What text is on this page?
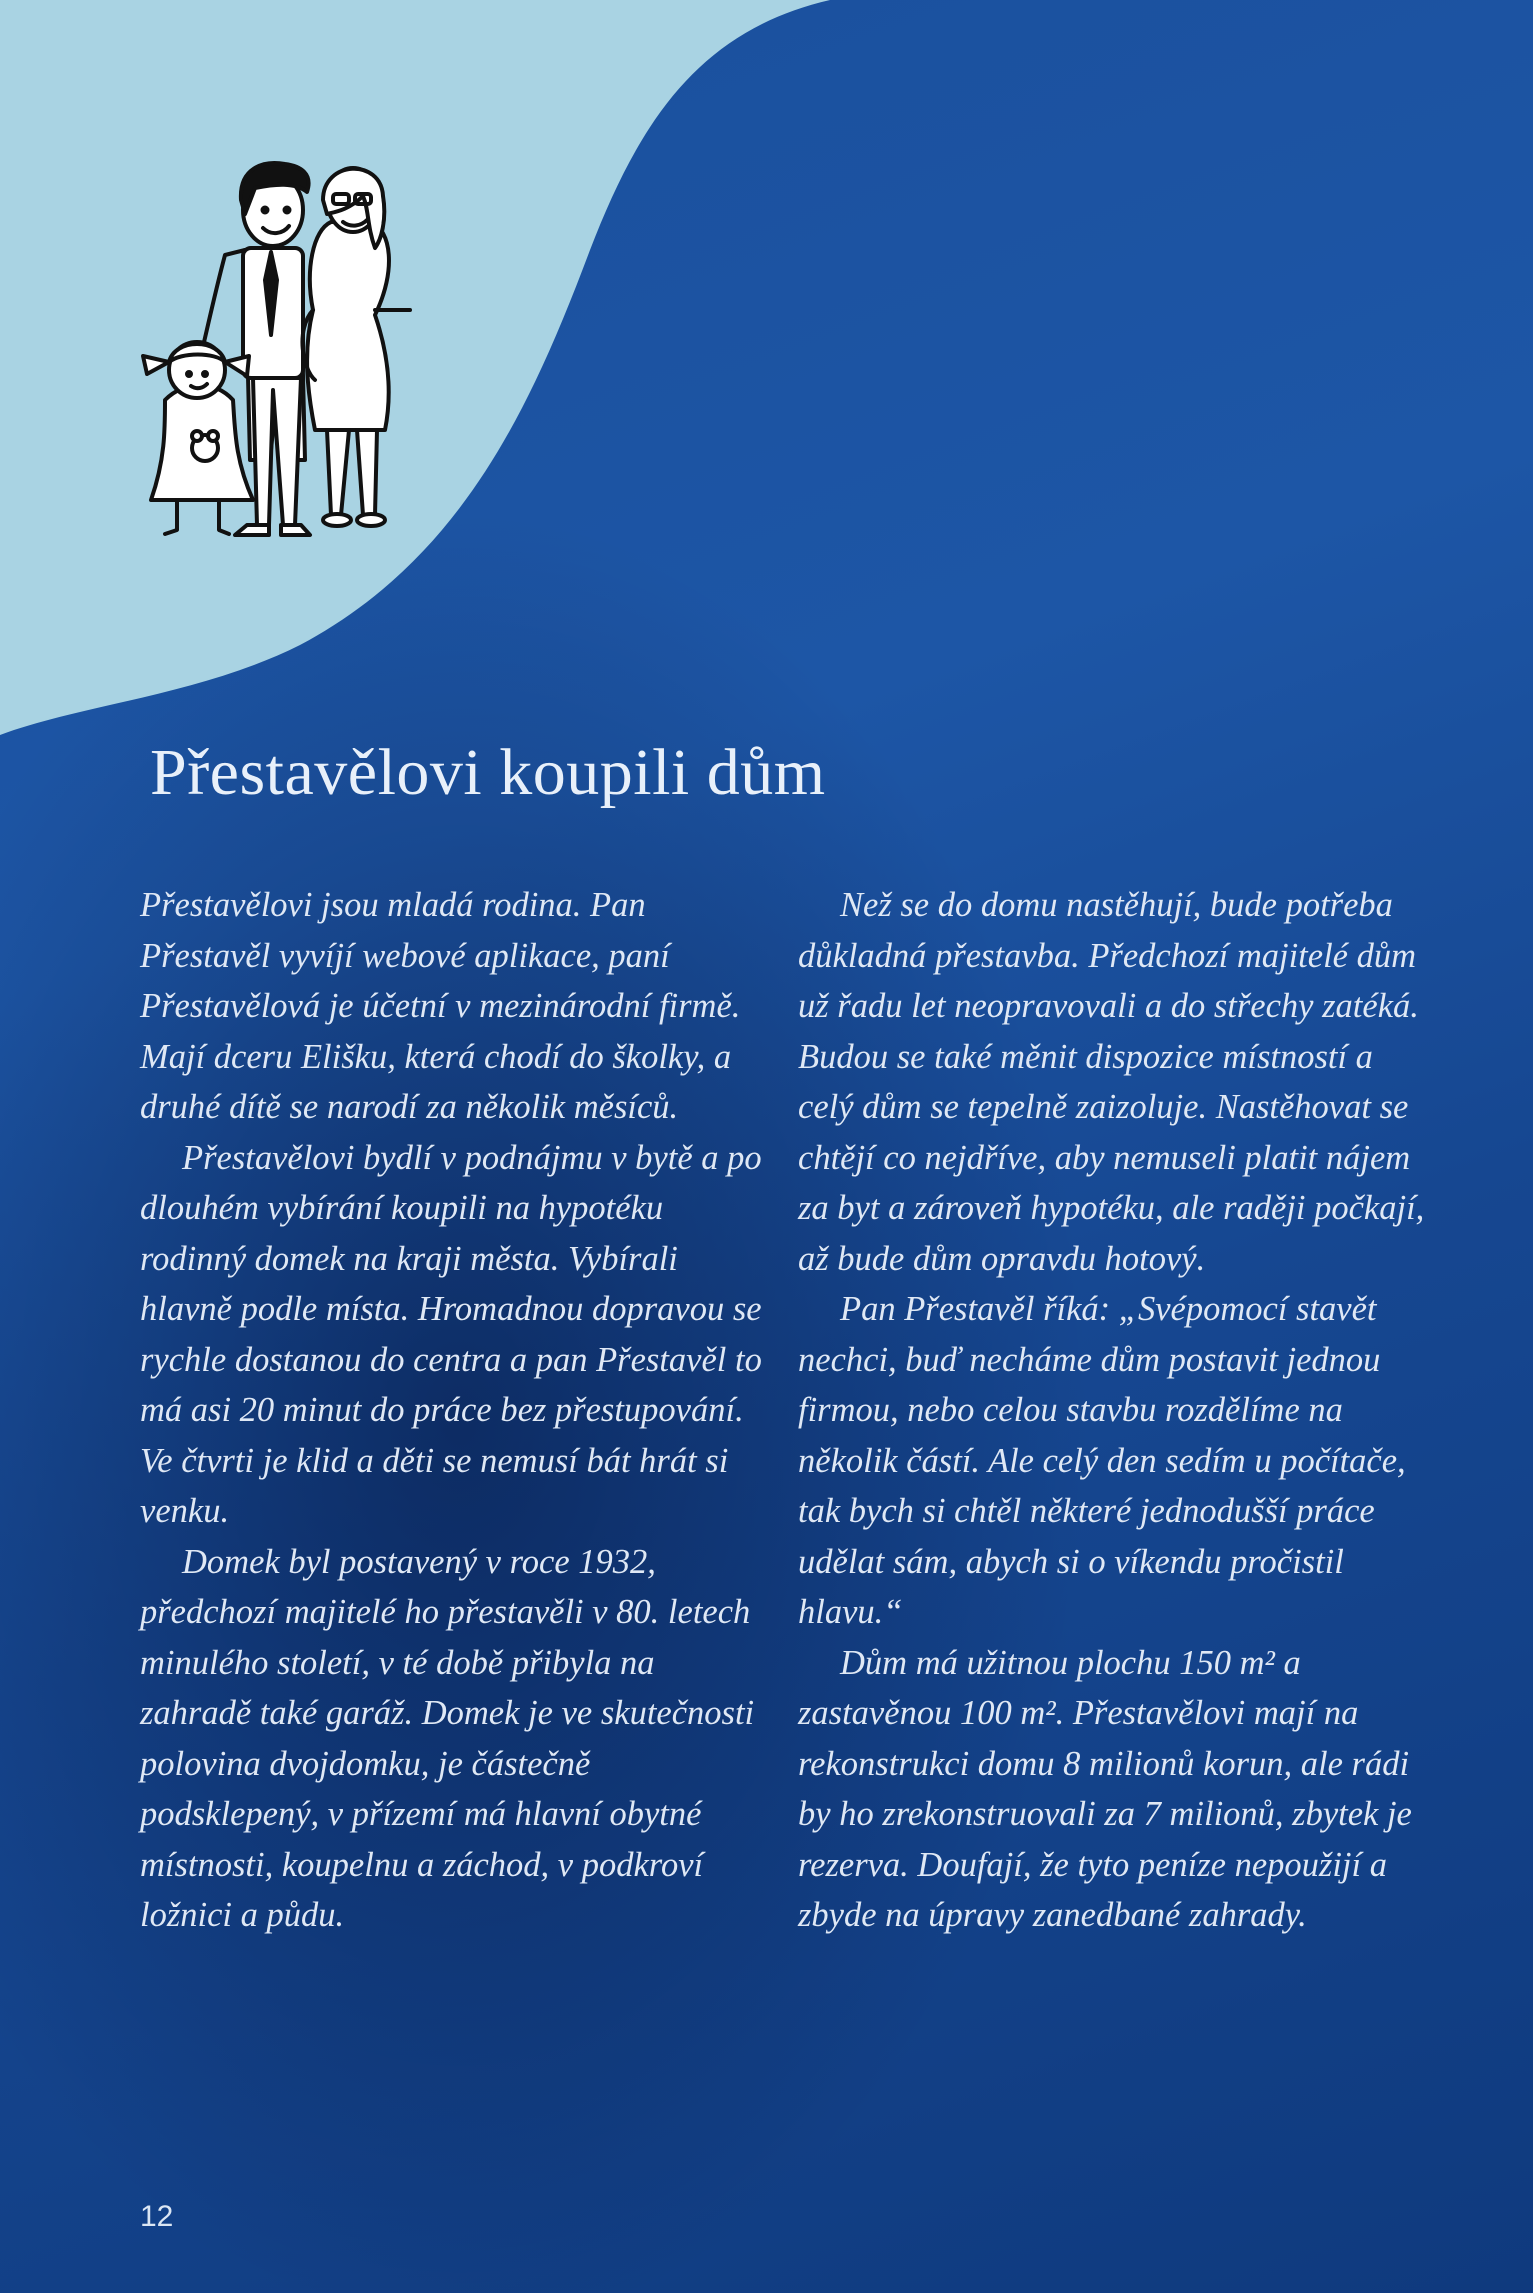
Přestavělovi koupili dům

Přestavělovi jsou mladá rodina. Pan Přestavěl vyvíjí webové aplikace, paní Přestavělová je účetní v mezinárodní firmě. Mají dceru Elišku, která chodí do školky, a druhé dítě se narodí za několik měsíců.

Přestavělovi bydlí v podnájmu v bytě a po dlouhém vybírání koupili na hypotéku rodinný domek na kraji města. Vybírali hlavně podle místa. Hromadnou dopravou se rychle dostanou do centra a pan Přestavěl to má asi 20 minut do práce bez přestupování. Ve čtvrti je klid a děti se nemusí bát hrát si venku.

Domek byl postavený v roce 1932, předchozí majitelé ho přestavěli v 80. letech minulého století, v té době přibyla na zahradě také garáž. Domek je ve skutečnosti polovina dvojdomku, je částečně podsklepený, v přízemí má hlavní obytné místnosti, koupelnu a záchod, v podkroví ložnici a půdu.

Než se do domu nastěhují, bude potřeba důkladná přestavba. Předchozí majitelé dům už řadu let neopravovali a do střechy zatéká. Budou se také měnit dispozice místností a celý dům se tepelně zaizoluje. Nastěhovat se chtějí co nejdříve, aby nemuseli platit nájem za byt a zároveň hypotéku, ale raději počkají, až bude dům opravdu hotový.

Pan Přestavěl říká: „Svépomocí stavět nechci, buď necháme dům postavit jednou firmou, nebo celou stavbu rozdělíme na několik částí. Ale celý den sedím u počítače, tak bych si chtěl některé jednodušší práce udělat sám, abych si o víkendu pročistil hlavu.“

Dům má užitnou plochu 150 m² a zastavěnou 100 m². Přestavělovi mají na rekonstrukci domu 8 milionů korun, ale rádi by ho zrekonstruovali za 7 milionů, zbytek je rezerva. Doufají, že tyto peníze nepoužijí a zbyde na úpravy zanedbané zahrady.

12
